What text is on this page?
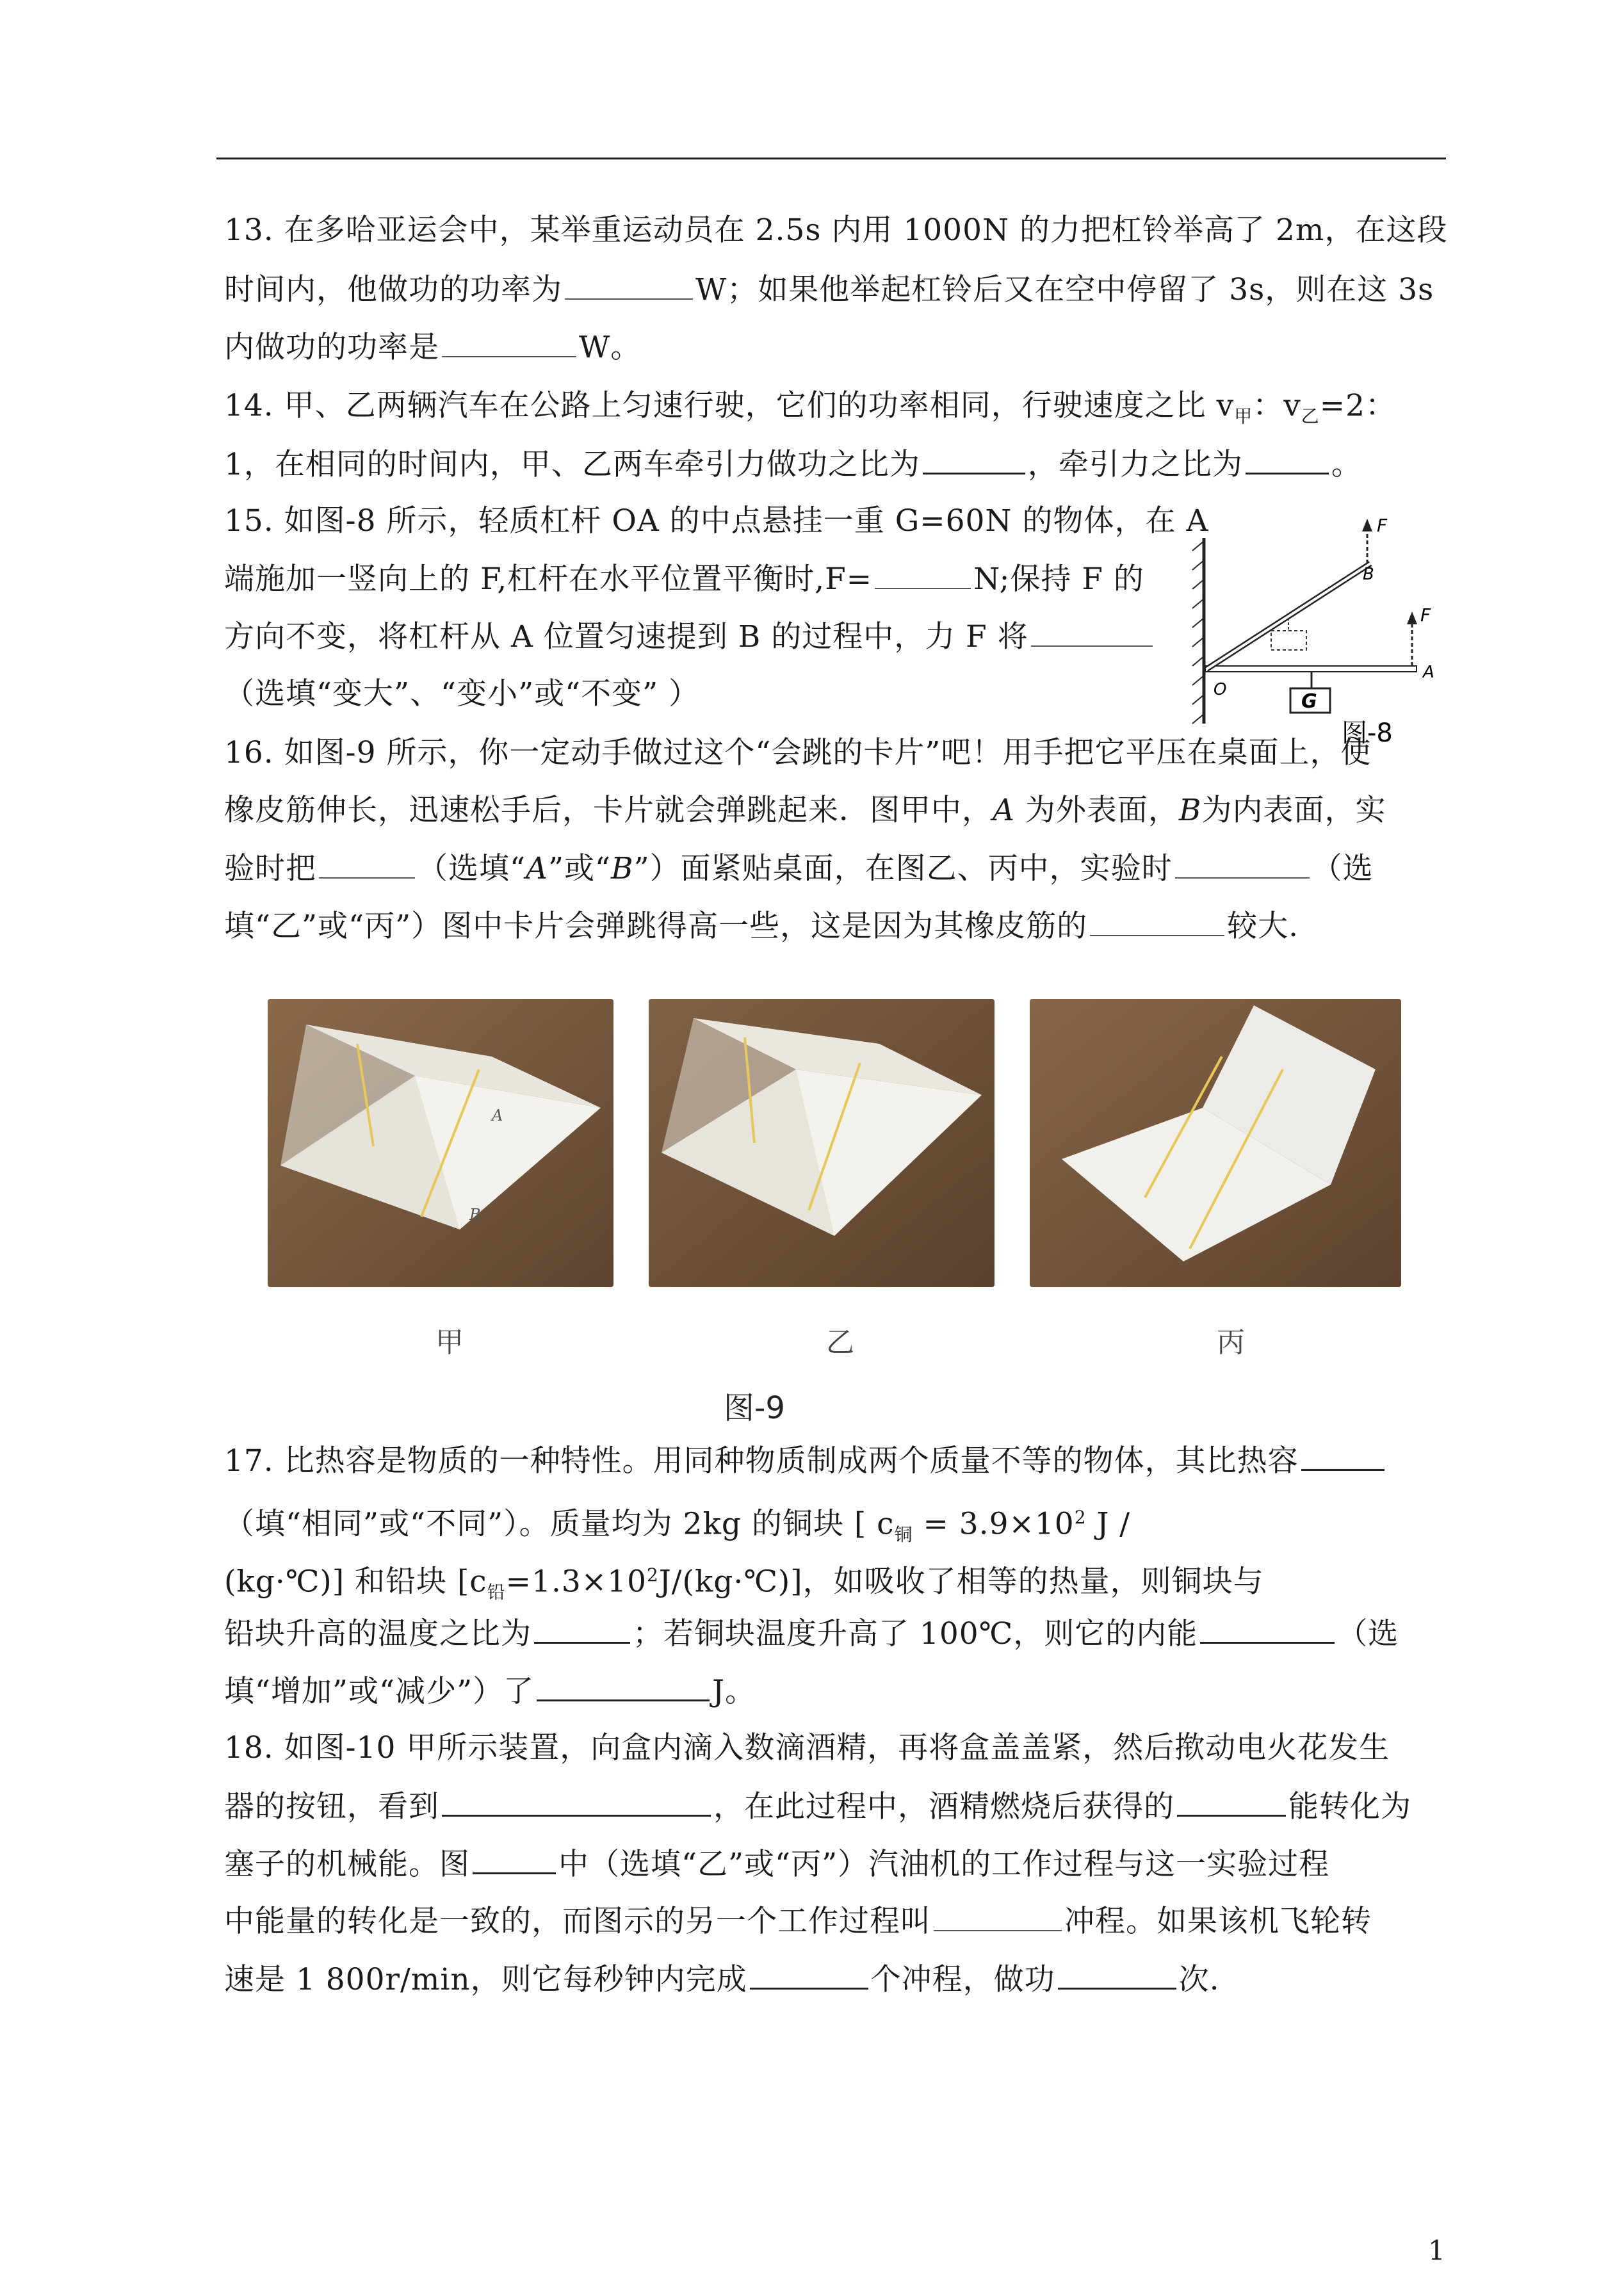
13. 在多哈亚运会中，某举重运动员在 2.5s 内用 1000N 的力把杠铃举高了 2m，在这段
时间内，他做功的功率为	W；如果他举起杠铃后又在空中停留了 3s，则在这 3s
内做功的功率是	W。
14. 甲、乙两辆汽车在公路上匀速行驶，它们的功率相同，行驶速度之比 $v_甲$：$v_乙=2$：
1，在相同的时间内，甲、乙两车牵引力做功之比为	，牵引力之比为	。
15. 如图-8 所示，轻质杠杆 OA 的中点悬挂一重 G=60N 的物体，在 A
端施加一竖向上的 F,杠杆在水平位置平衡时,F=	N;保持 F 的
方向不变，将杠杆从 A 位置匀速提到 B 的过程中，力 F 将
（选填“变大”、“变小”或“不变” ）	G
F
F
B
A
O
图-8
16. 如图-9 所示，你一定动手做过这个“会跳的卡片”吧！用手把它平压在桌面上，使
橡皮筋伸长，迅速松手后，卡片就会弹跳起来．图甲中，A 为外表面，B为内表面，实
验时把	（选填“A”或“B”）面紧贴桌面，在图乙、丙中，实验时	（选
填“乙”或“丙”）图中卡片会弹跳得高一些，这是因为其橡皮筋的	较大.
A
B
甲	乙	丙
图-9
17. 比热容是物质的一种特性。用同种物质制成两个质量不等的物体，其比热容
（填“相同”或“不同”）。质量均为 2kg 的铜块 [ $c_铜 = 3.9\times 10^2$ J /
(kg·℃)] 和铅块 $[c_铅=1.3\times 10^2J/(kg\cdot℃)]$，如吸收了相等的热量，则铜块与
铅块升高的温度之比为	；若铜块温度升高了 100℃，则它的内能	（选
填“增加”或“减少”）了	J。
18. 如图-10 甲所示装置，向盒内滴入数滴酒精，再将盒盖盖紧，然后揿动电火花发生
器的按钮，看到	，在此过程中，酒精燃烧后获得的	能转化为
塞子的机械能。图	中（选填“乙”或“丙”）汽油机的工作过程与这一实验过程
中能量的转化是一致的，而图示的另一个工作过程叫	冲程。如果该机飞轮转
速是 1 800r/min，则它每秒钟内完成	个冲程，做功	次.
1
